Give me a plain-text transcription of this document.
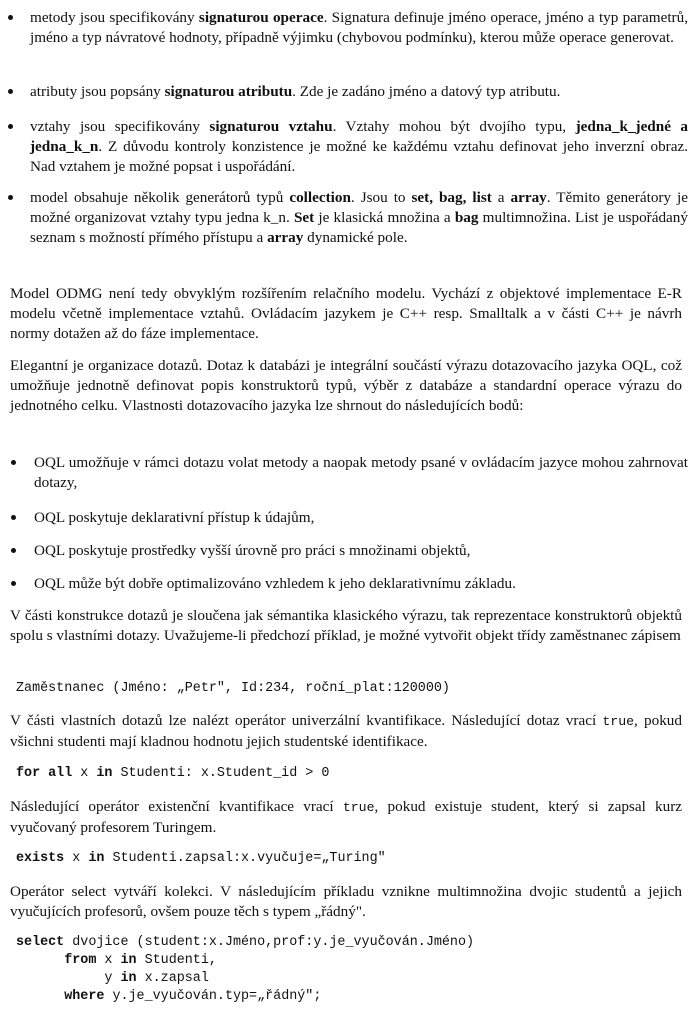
metody jsou specifikovány signaturou operace. Signatura definuje jméno operace, jméno a typ parametrů, jméno a typ návratové hodnoty, případně výjimku (chybovou podmínku), kterou může operace generovat.
atributy jsou popsány signaturou atributu. Zde je zadáno jméno a datový typ atributu.
vztahy jsou specifikovány signaturou vztahu. Vztahy mohou být dvojího typu, jedna_k_jedné a jedna_k_n. Z důvodu kontroly konzistence je možné ke každému vztahu definovat jeho inverzní obraz. Nad vztahem je možné popsat i uspořádání.
model obsahuje několik generátorů typů collection. Jsou to set, bag, list a array. Těmito generátory je možné organizovat vztahy typu jedna k_n. Set je klasická množina a bag multimnožina. List je uspořádaný seznam s možností přímého přístupu a array dynamické pole.
Model ODMG není tedy obvyklým rozšířením relačního modelu. Vychází z objektové implementace E-R modelu včetně implementace vztahů. Ovládacím jazykem je C++ resp. Smalltalk a v části C++ je návrh normy dotažen až do fáze implementace.
Elegantní je organizace dotazů. Dotaz k databázi je integrální součástí výrazu dotazovacího jazyka OQL, což umožňuje jednotně definovat popis konstruktorů typů, výběr z databáze a standardní operace výrazu do jednotného celku. Vlastnosti dotazovacího jazyka lze shrnout do následujících bodů:
OQL umožňuje v rámci dotazu volat metody a naopak metody psané v ovládacím jazyce mohou zahrnovat dotazy,
OQL poskytuje deklarativní přístup k údajům,
OQL poskytuje prostředky vyšší úrovně pro práci s množinami objektů,
OQL může být dobře optimalizováno vzhledem k jeho deklarativnímu základu.
V části konstrukce dotazů je sloučena jak sémantika klasického výrazu, tak reprezentace konstruktorů objektů spolu s vlastními dotazy. Uvažujeme-li předchozí příklad, je možné vytvořit objekt třídy zaměstnanec zápisem
Zaměstnanec (Jméno: „Petr", Id:234, roční_plat:120000)
V části vlastních dotazů lze nalézt operátor univerzální kvantifikace. Následující dotaz vrací true, pokud všichni studenti mají kladnou hodnotu jejich studentské identifikace.
for all x in Studenti: x.Student_id > 0
Následující operátor existenční kvantifikace vrací true, pokud existuje student, který si zapsal kurz vyučovaný profesorem Turingem.
exists x in Studenti.zapsal:x.vyučuje=„Turing"
Operátor select vytváří kolekci. V následujícím příkladu vznikne multimnožina dvojic studentů a jejich vyučujících profesorů, ovšem pouze těch s typem „řádný".
select dvojice (student:x.Jméno,prof:y.je_vyučován.Jméno)
from x in Studenti,
y in x.zapsal
where y.je_vyučován.typ=„řádný";
